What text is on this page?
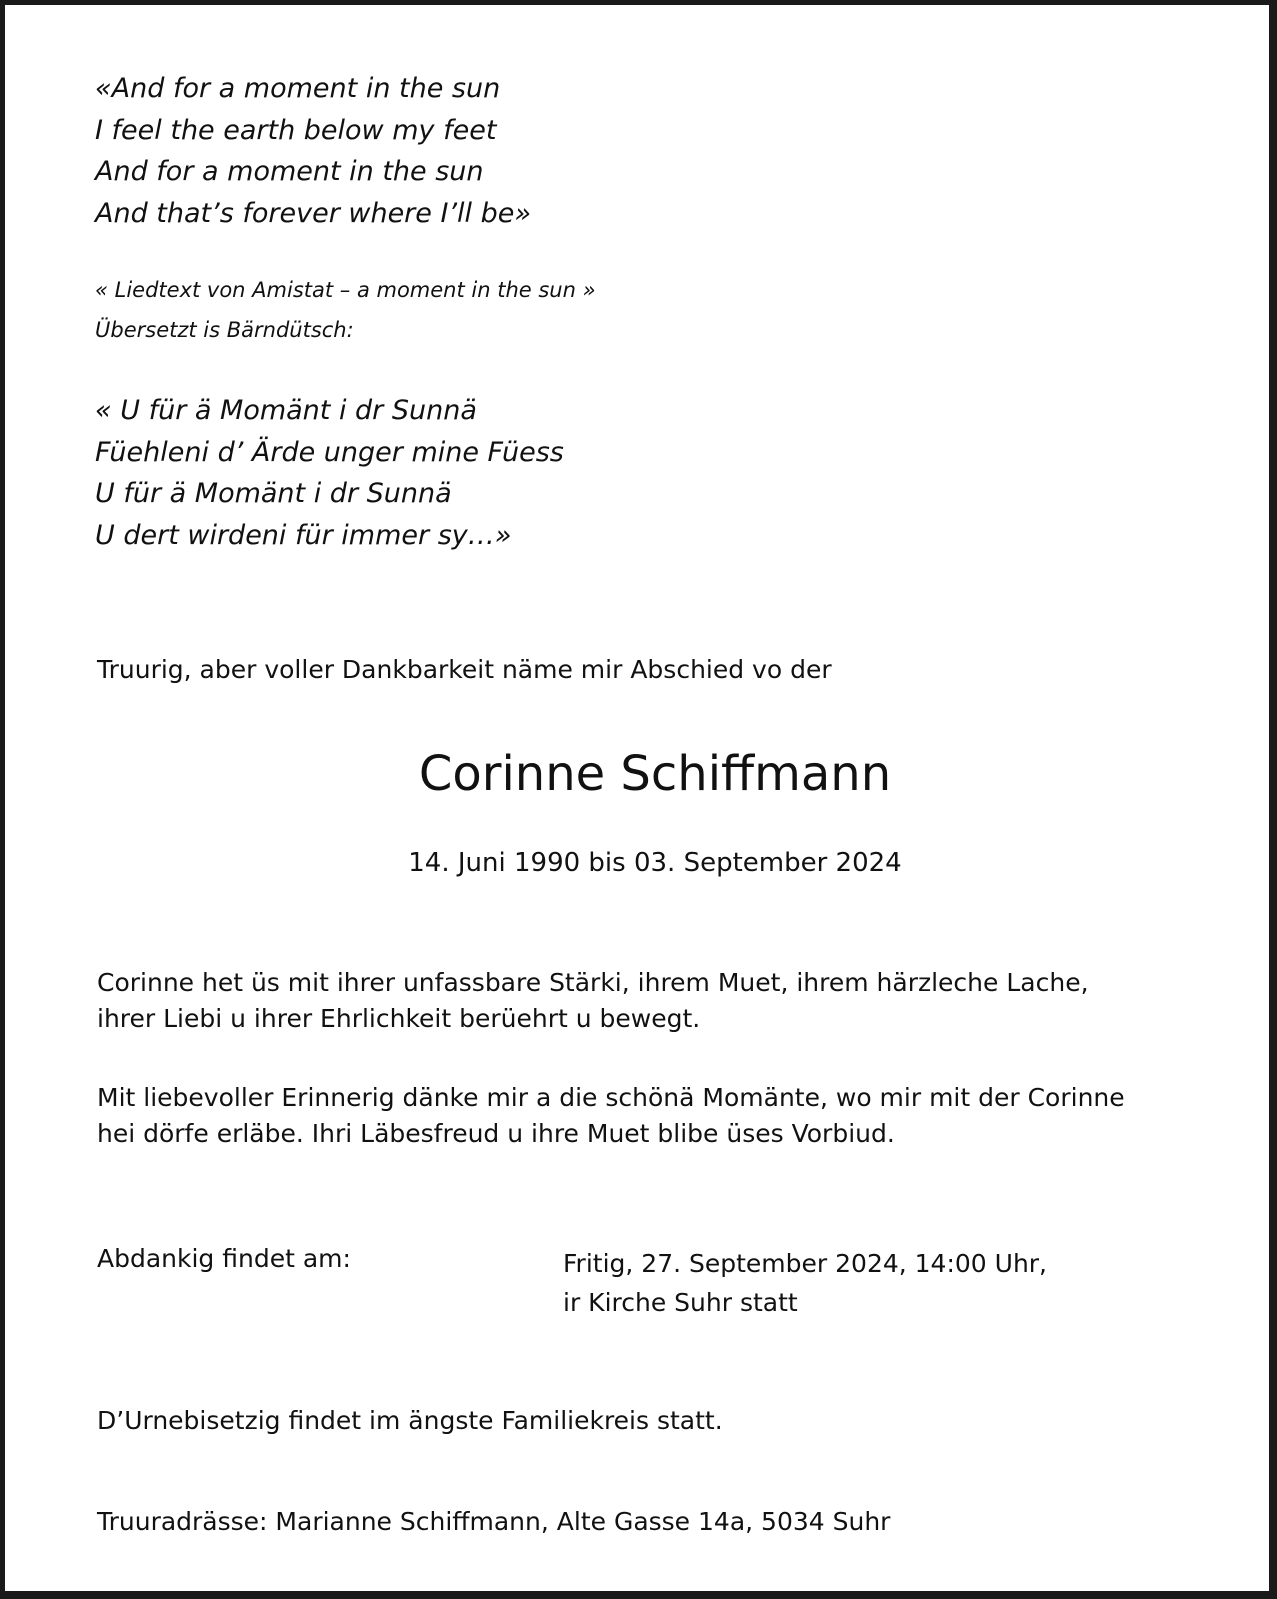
«And for a moment in the sun
I feel the earth below my feet
And for a moment in the sun
And that’s forever where I’ll be»
« Liedtext von Amistat – a moment in the sun »
Übersetzt is Bärndütsch:
« U für ä Momänt i dr Sunnä
Füehleni d’ Ärde unger mine Füess
U für ä Momänt i dr Sunnä
U dert wirdeni für immer sy…»
Truurig, aber voller Dankbarkeit näme mir Abschied vo der
Corinne Schiffmann
14. Juni 1990 bis 03. September 2024
Corinne het üs mit ihrer unfassbare Stärki, ihrem Muet, ihrem härzleche Lache,
ihrer Liebi u ihrer Ehrlichkeit berüehrt u bewegt.
Mit liebevoller Erinnerig dänke mir a die schönä Momänte, wo mir mit der Corinne
hei dörfe erläbe. Ihri Läbesfreud u ihre Muet blibe üses Vorbiud.
Abdankig findet am:	Fritig, 27. September 2024, 14:00 Uhr,
ir Kirche Suhr statt
D’Urnebisetzig findet im ängste Familiekreis statt.
Truuradrässe: Marianne Schiffmann, Alte Gasse 14a, 5034 Suhr
